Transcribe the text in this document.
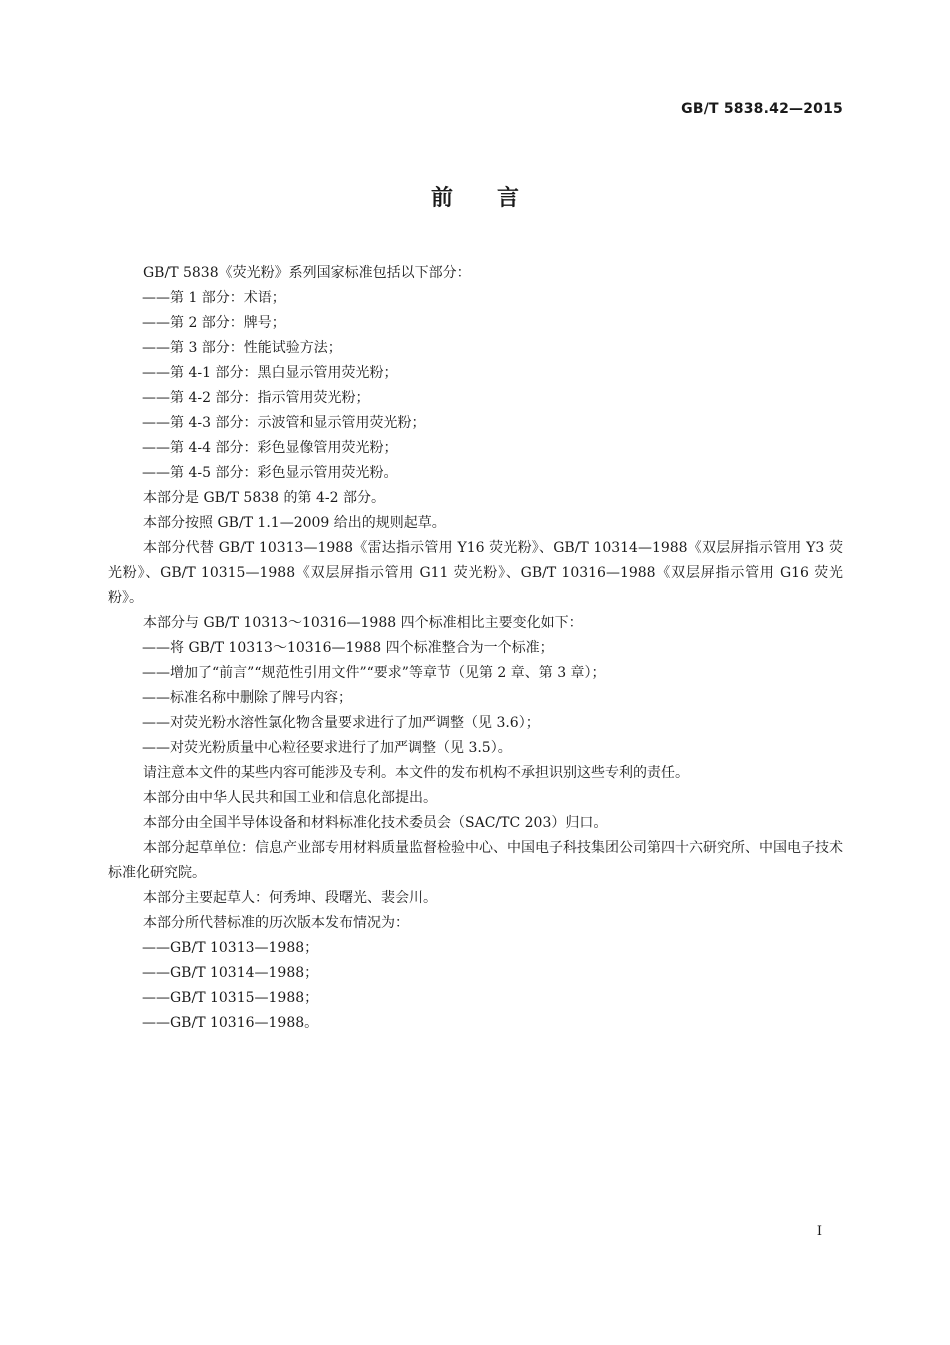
GB/T 5838.42—2015
前言

GB/T 5838《荧光粉》系列国家标准包括以下部分：

——第 1 部分：术语；

——第 2 部分：牌号；

——第 3 部分：性能试验方法；

——第 4-1 部分：黑白显示管用荧光粉；

——第 4-2 部分：指示管用荧光粉；

——第 4-3 部分：示波管和显示管用荧光粉；

——第 4-4 部分：彩色显像管用荧光粉；

——第 4-5 部分：彩色显示管用荧光粉。

本部分是 GB/T 5838 的第 4-2 部分。

本部分按照 GB/T 1.1—2009 给出的规则起草。

本部分代替 GB/T 10313—1988《雷达指示管用 Y16 荧光粉》、GB/T 10314—1988《双层屏指示管用 Y3 荧光粉》、GB/T 10315—1988《双层屏指示管用 G11 荧光粉》、GB/T 10316—1988《双层屏指示管用 G16 荧光粉》。

本部分与 GB/T 10313～10316—1988 四个标准相比主要变化如下：

——将 GB/T 10313～10316—1988 四个标准整合为一个标准；

——增加了“前言”“规范性引用文件”“要求”等章节（见第 2 章、第 3 章）；

——标准名称中删除了牌号内容；

——对荧光粉水溶性氯化物含量要求进行了加严调整（见 3.6）；

——对荧光粉质量中心粒径要求进行了加严调整（见 3.5）。

请注意本文件的某些内容可能涉及专利。本文件的发布机构不承担识别这些专利的责任。

本部分由中华人民共和国工业和信息化部提出。

本部分由全国半导体设备和材料标准化技术委员会（SAC/TC 203）归口。

本部分起草单位：信息产业部专用材料质量监督检验中心、中国电子科技集团公司第四十六研究所、中国电子技术标准化研究院。

本部分主要起草人：何秀坤、段曙光、裴会川。

本部分所代替标准的历次版本发布情况为：

——GB/T 10313—1988；

——GB/T 10314—1988；

——GB/T 10315—1988；

——GB/T 10316—1988。

I
